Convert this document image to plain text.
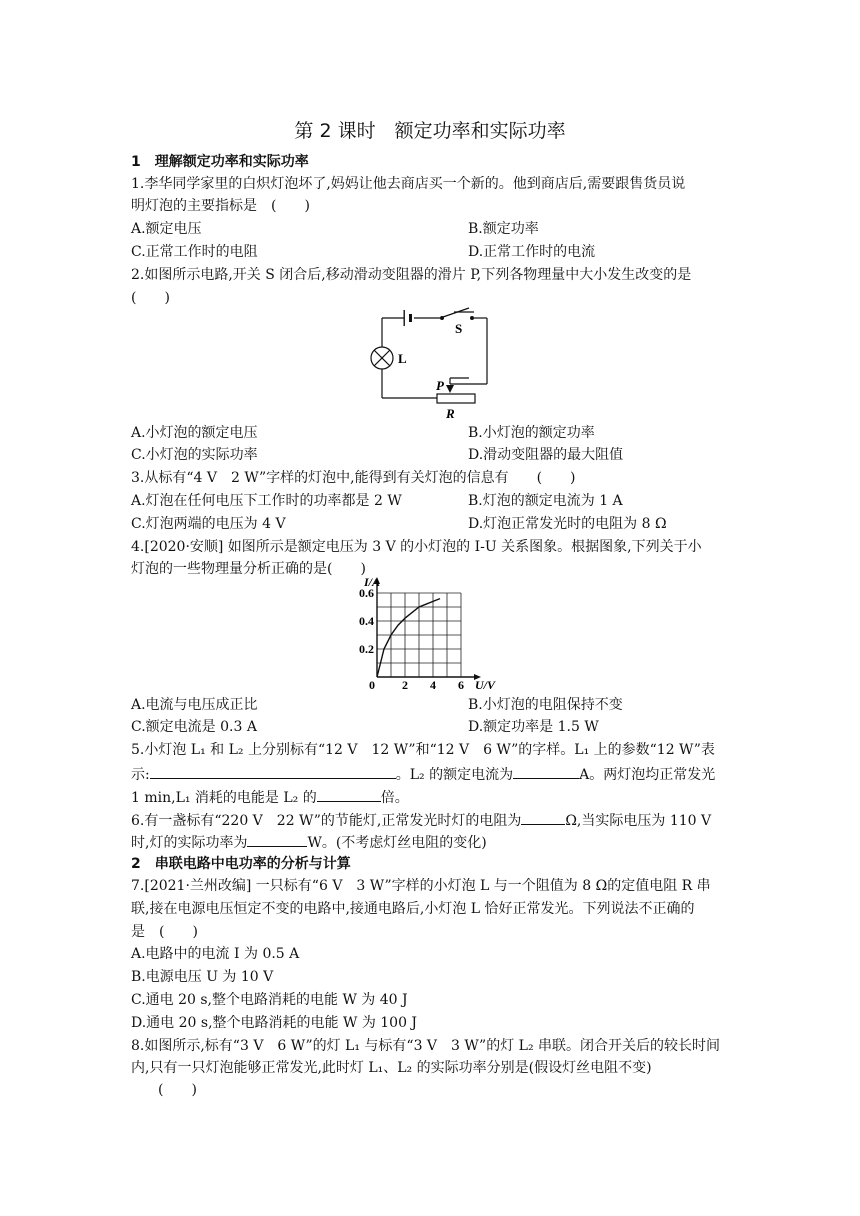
第 2 课时　额定功率和实际功率
1　理解额定功率和实际功率
1.李华同学家里的白炽灯泡坏了,妈妈让他去商店买一个新的。他到商店后,需要跟售货员说
明灯泡的主要指标是　(　　)
A.额定电压	B.额定功率
C.正常工作时的电阻	D.正常工作时的电流
2.如图所示电路,开关 S 闭合后,移动滑动变阻器的滑片 P,下列各物理量中大小发生改变的是
(　　)
S
L
P
R
A.小灯泡的额定电压	B.小灯泡的额定功率
C.小灯泡的实际功率	D.滑动变阻器的最大阻值
3.从标有“4 V　2 W”字样的灯泡中,能得到有关灯泡的信息有　　(　　)
A.灯泡在任何电压下工作时的功率都是 2 W	B.灯泡的额定电流为 1 A
C.灯泡两端的电压为 4 V	D.灯泡正常发光时的电阻为 8 Ω
4.[2020·安顺] 如图所示是额定电压为 3 V 的小灯泡的 I-U 关系图象。根据图象,下列关于小
灯泡的一些物理量分析正确的是(　　)
0 2 4 6
0.2
0.4
0.6
I/A
U/V
A.电流与电压成正比	B.小灯泡的电阻保持不变
C.额定电流是 0.3 A	D.额定功率是 1.5 W
5.小灯泡 L₁ 和 L₂ 上分别标有“12 V　12 W”和“12 V　6 W”的字样。L₁ 上的参数“12 W”表
示:	。L₂ 的额定电流为	A。两灯泡均正常发光
1 min,L₁ 消耗的电能是 L₂ 的	倍。
6.有一盏标有“220 V　22 W”的节能灯,正常发光时灯的电阻为	Ω,当实际电压为 110 V
时,灯的实际功率为	W。(不考虑灯丝电阻的变化)
2　串联电路中电功率的分析与计算
7.[2021·兰州改编] 一只标有“6 V　3 W”字样的小灯泡 L 与一个阻值为 8 Ω的定值电阻 R 串
联,接在电源电压恒定不变的电路中,接通电路后,小灯泡 L 恰好正常发光。下列说法不正确的
是　(　　)
A.电路中的电流 I 为 0.5 A
B.电源电压 U 为 10 V
C.通电 20 s,整个电路消耗的电能 W 为 40 J
D.通电 20 s,整个电路消耗的电能 W 为 100 J
8.如图所示,标有“3 V　6 W”的灯 L₁ 与标有“3 V　3 W”的灯 L₂ 串联。闭合开关后的较长时间
内,只有一只灯泡能够正常发光,此时灯 L₁、L₂ 的实际功率分别是(假设灯丝电阻不变)
(　　)
